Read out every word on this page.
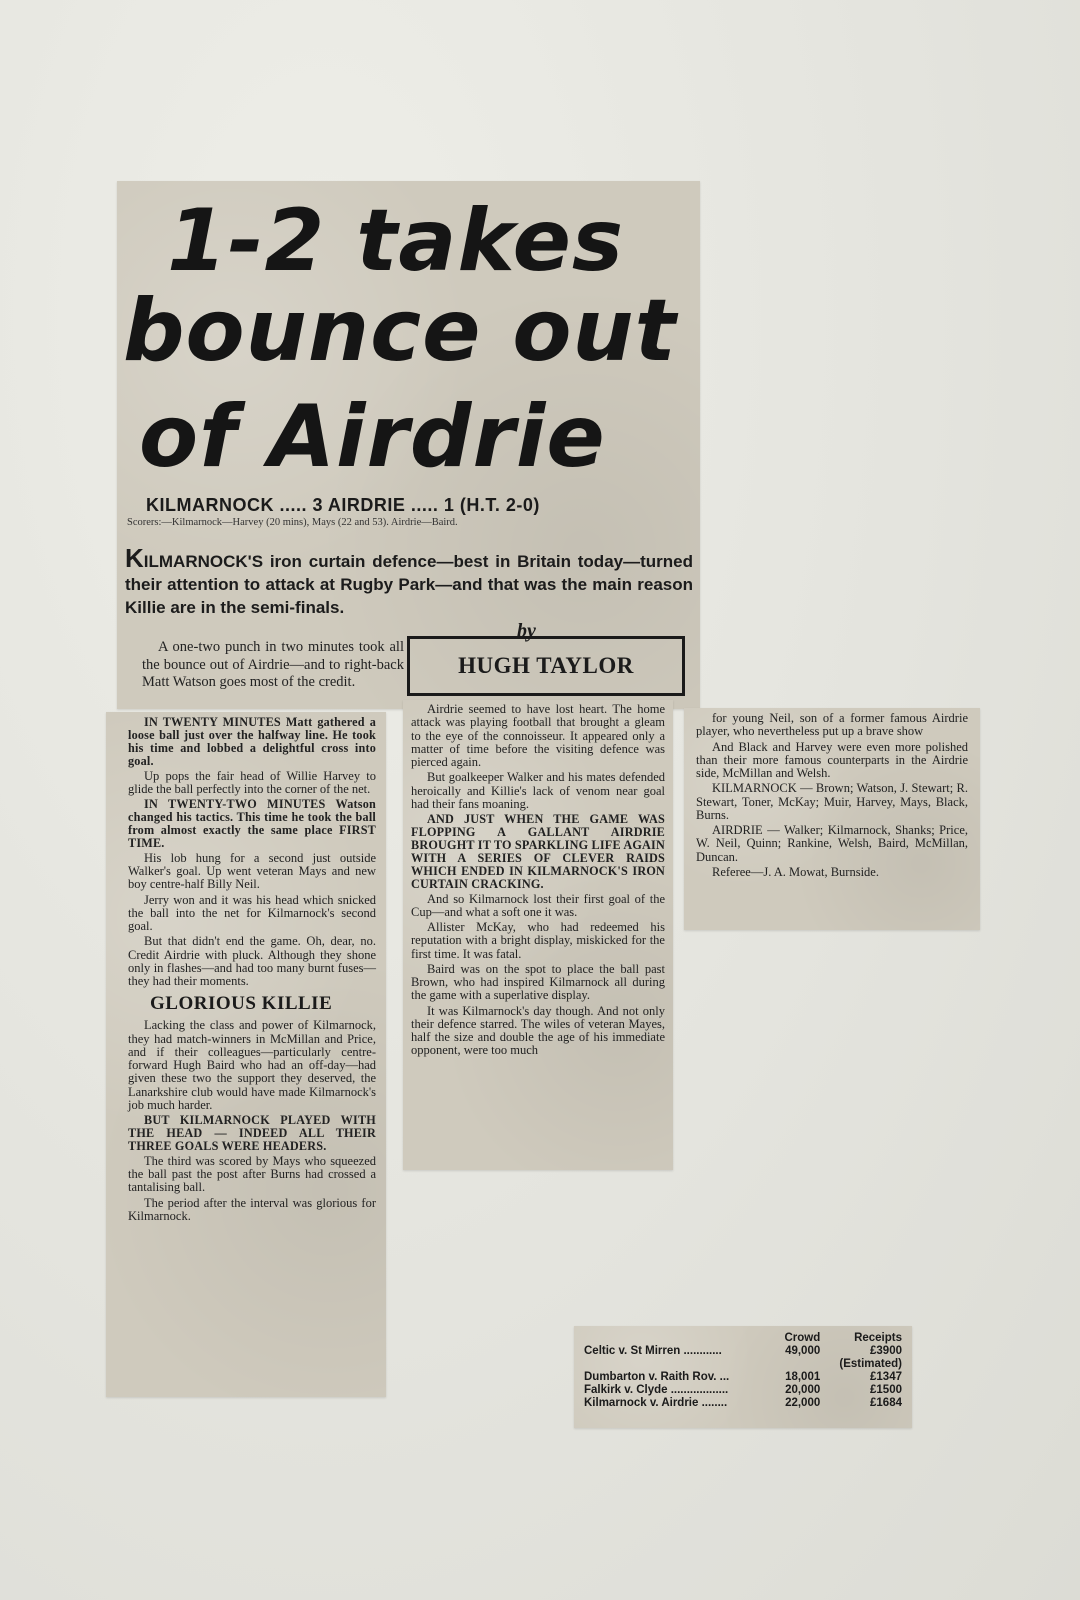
1-2 takes
bounce out
of Airdrie
KILMARNOCK ..... 3 AIRDRIE ..... 1 (H.T. 2-0)
Scorers:—Kilmarnock—Harvey (20 mins), Mays (22 and 53). Airdrie—Baird.
KILMARNOCK'S iron curtain defence—best in Britain today—turned their attention to attack at Rugby Park—and that was the main reason Killie are in the semi-finals.
by
HUGH TAYLOR

A one-two punch in two minutes took all the bounce out of Airdrie—and to right-back Matt Watson goes most of the credit.

IN TWENTY MINUTES Matt gathered a loose ball just over the halfway line. He took his time and lobbed a delightful cross into goal.

Up pops the fair head of Willie Harvey to glide the ball perfectly into the corner of the net.

IN TWENTY-TWO MINUTES Watson changed his tactics. This time he took the ball from almost exactly the same place FIRST TIME.

His lob hung for a second just outside Walker's goal. Up went veteran Mays and new boy centre-half Billy Neil.

Jerry won and it was his head which snicked the ball into the net for Kilmarnock's second goal.

But that didn't end the game. Oh, dear, no. Credit Airdrie with pluck. Although they shone only in flashes—and had too many burnt fuses—they had their moments.

GLORIOUS KILLIE

Lacking the class and power of Kilmarnock, they had match-winners in McMillan and Price, and if their colleagues—particularly centre-forward Hugh Baird who had an off-day—had given these two the support they deserved, the Lanarkshire club would have made Kilmarnock's job much harder.

BUT KILMARNOCK PLAYED WITH THE HEAD — INDEED ALL THEIR THREE GOALS WERE HEADERS.

The third was scored by Mays who squeezed the ball past the post after Burns had crossed a tantalising ball.

The period after the interval was glorious for Kilmarnock.

Airdrie seemed to have lost heart. The home attack was playing football that brought a gleam to the eye of the connoisseur. It appeared only a matter of time before the visiting defence was pierced again.

But goalkeeper Walker and his mates defended heroically and Killie's lack of venom near goal had their fans moaning.

AND JUST WHEN THE GAME WAS FLOPPING A GALLANT AIRDRIE BROUGHT IT TO SPARKLING LIFE AGAIN WITH A SERIES OF CLEVER RAIDS WHICH ENDED IN KILMARNOCK'S IRON CURTAIN CRACKING.

And so Kilmarnock lost their first goal of the Cup—and what a soft one it was.

Allister McKay, who had redeemed his reputation with a bright display, miskicked for the first time. It was fatal.

Baird was on the spot to place the ball past Brown, who had inspired Kilmarnock all during the game with a superlative display.

It was Kilmarnock's day though. And not only their defence starred. The wiles of veteran Mayes, half the size and double the age of his immediate opponent, were too much

for young Neil, son of a former famous Airdrie player, who nevertheless put up a brave show

And Black and Harvey were even more polished than their more famous counterparts in the Airdrie side, McMillan and Welsh.

KILMARNOCK — Brown; Watson, J. Stewart; R. Stewart, Toner, McKay; Muir, Harvey, Mays, Black, Burns.

AIRDRIE — Walker; Kilmarnock, Shanks; Price, W. Neil, Quinn; Rankine, Welsh, Baird, McMillan, Duncan.

Referee—J. A. Mowat, Burnside.

	Crowd	Receipts
Celtic v. St Mirren ............	49,000	£3900
		(Estimated)
Dumbarton v. Raith Rov. ...	18,001	£1347
Falkirk v. Clyde ..................	20,000	£1500
Kilmarnock v. Airdrie ........	22,000	£1684
